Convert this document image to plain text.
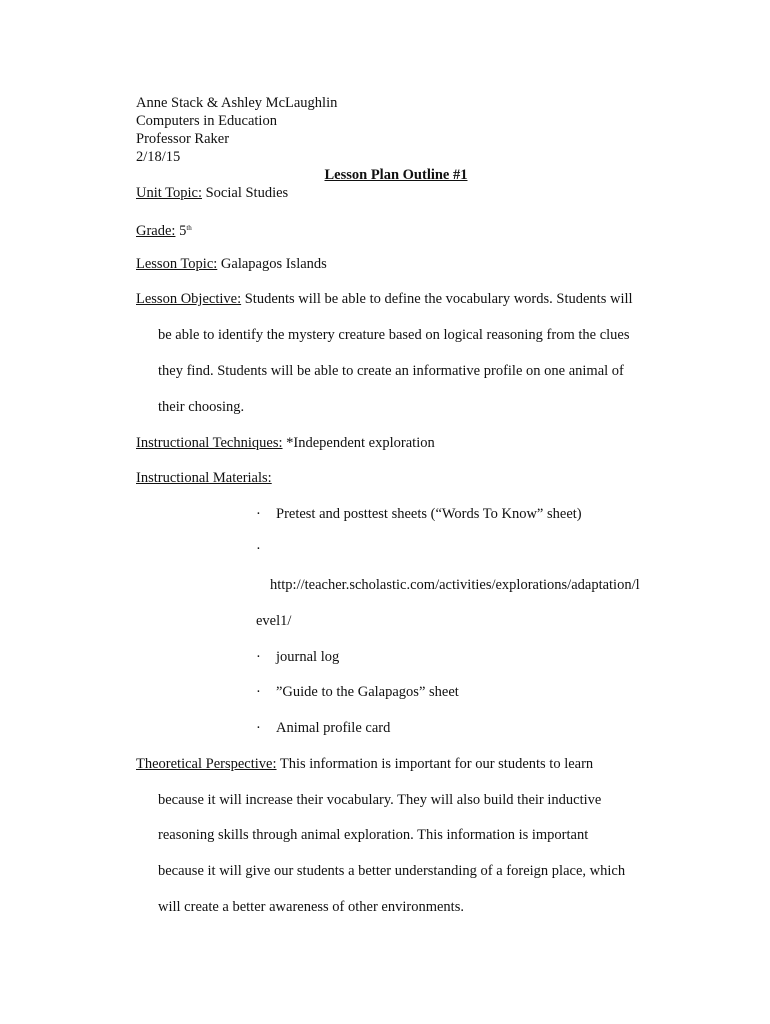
Anne Stack & Ashley McLaughlin
Computers in Education
Professor Raker
2/18/15
Lesson Plan Outline #1
Unit Topic: Social Studies
Grade: 5th
Lesson Topic: Galapagos Islands
Lesson Objective: Students will be able to define the vocabulary words. Students will
be able to identify the mystery creature based on logical reasoning from the clues
they find. Students will be able to create an informative profile on one animal of
their choosing.
Instructional Techniques: *Independent exploration
Instructional Materials:
· Pretest and posttest sheets (“Words To Know” sheet)
·
http://teacher.scholastic.com/activities/explorations/adaptation/l
evel1/
· journal log
· ”Guide to the Galapagos” sheet
· Animal profile card
Theoretical Perspective: This information is important for our students to learn
because it will increase their vocabulary. They will also build their inductive
reasoning skills through animal exploration. This information is important
because it will give our students a better understanding of a foreign place, which
will create a better awareness of other environments.
